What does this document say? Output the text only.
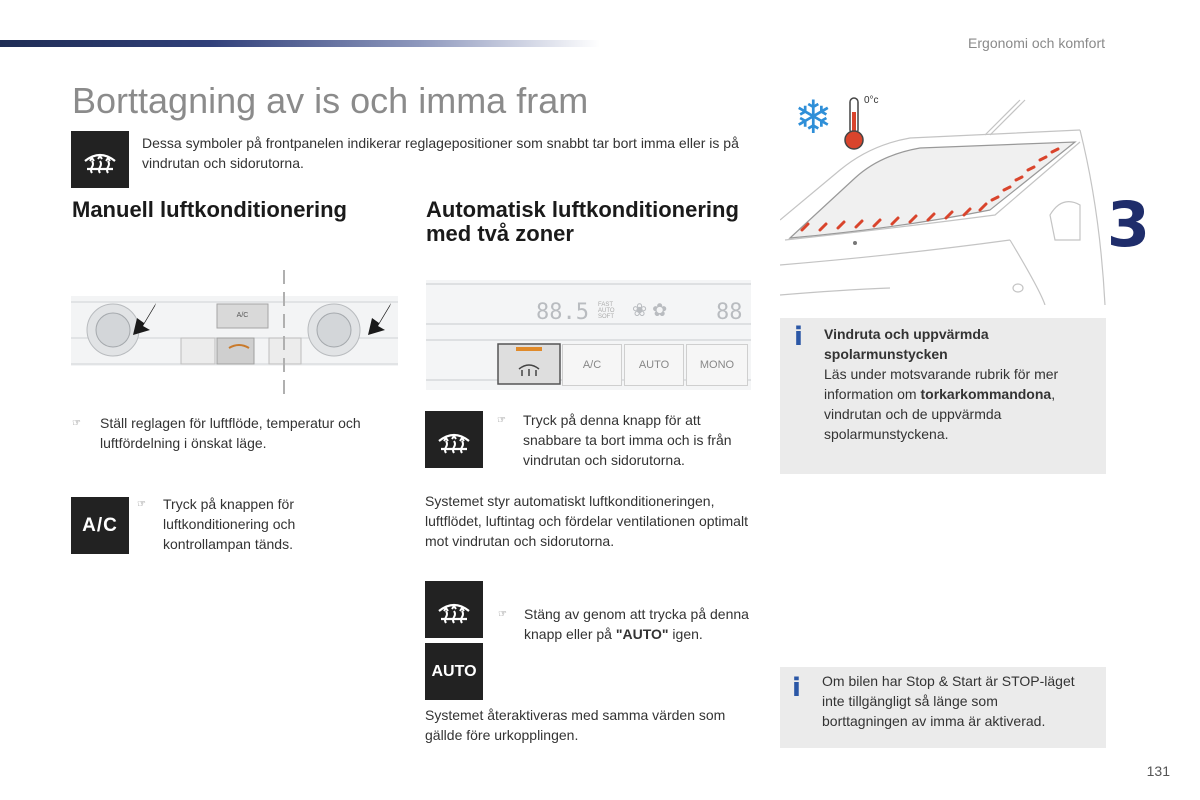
Ergonomi och komfort
Borttagning av is och imma fram
Dessa symboler på frontpanelen indikerar reglagepositioner som snabbt tar bort imma eller is på vindrutan och sidorutorna.
Manuell luftkonditionering
A/C
☞ Ställ reglagen för luftflöde, temperatur och luftfördelning i önskat läge.
A/C
☞ Tryck på knappen för luftkonditionering och kontrollampan tänds.
Automatisk luftkonditionering med två zoner
88.5 FAST AUTO SOFT	❀ ✿ 88
A/C	AUTO	MONO
☞ Tryck på denna knapp för att snabbare ta bort imma och is från vindrutan och sidorutorna.
Systemet styr automatiskt luftkonditioneringen, luftflödet, luftintag och fördelar ventilationen optimalt mot vindrutan och sidorutorna.
AUTO
☞ Stäng av genom att trycka på denna knapp eller på "AUTO" igen.
Systemet återaktiveras med samma värden som gällde före urkopplingen.
❄	0°c
3
i Vindruta och uppvärmda spolarmunstycken
Läs under motsvarande rubrik för mer information om torkarkommandona, vindrutan och de uppvärmda spolarmunstyckena.
i Om bilen har Stop & Start är STOP-läget inte tillgängligt så länge som borttagningen av imma är aktiverad.
131
